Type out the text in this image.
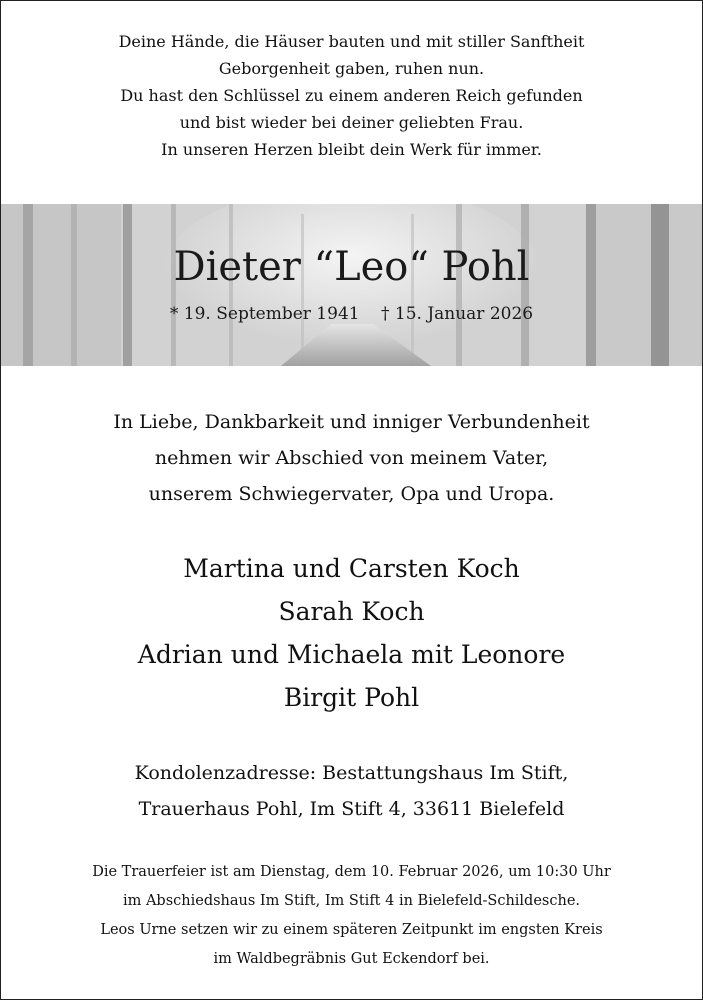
Deine Hände, die Häuser bauten und mit stiller Sanftheit
Geborgenheit gaben, ruhen nun.
Du hast den Schlüssel zu einem anderen Reich gefunden
und bist wieder bei deiner geliebten Frau.
In unseren Herzen bleibt dein Werk für immer.
Dieter “Leo“ Pohl
* 19. September 1941 † 15. Januar 2026
In Liebe, Dankbarkeit und inniger Verbundenheit
nehmen wir Abschied von meinem Vater,
unserem Schwiegervater, Opa und Uropa.
Martina und Carsten Koch
Sarah Koch
Adrian und Michaela mit Leonore
Birgit Pohl
Kondolenzadresse: Bestattungshaus Im Stift,
Trauerhaus Pohl, Im Stift 4, 33611 Bielefeld
Die Trauerfeier ist am Dienstag, dem 10. Februar 2026, um 10:30 Uhr
im Abschiedshaus Im Stift, Im Stift 4 in Bielefeld-Schildesche.
Leos Urne setzen wir zu einem späteren Zeitpunkt im engsten Kreis
im Waldbegräbnis Gut Eckendorf bei.
